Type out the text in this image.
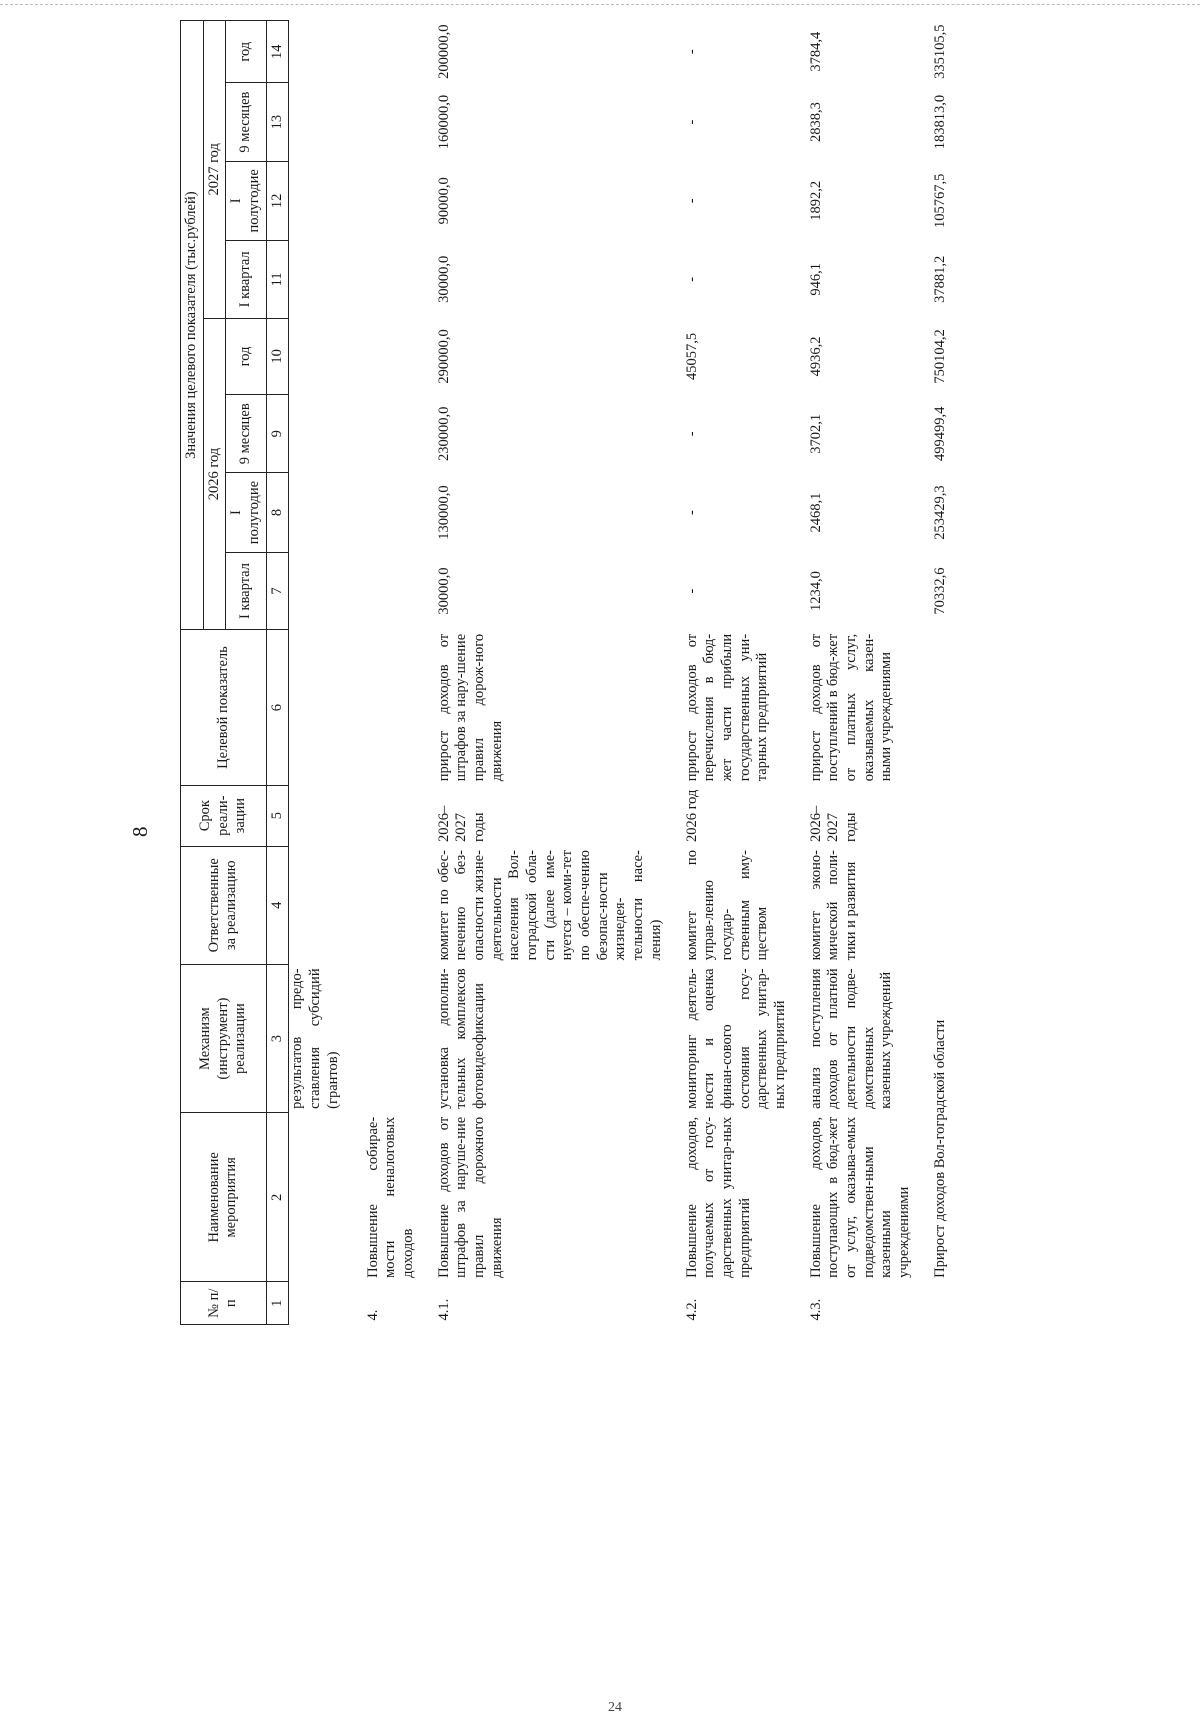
8
24
№ п/п	Наименование мероприятия	Механизм (инструмент) реализации	Ответственные за реализацию	Срок реали-зации	Целевой показатель	Значения целевого показателя (тыс.рублей)							
						2026 год				2027 год			
						I квартал	I полугодие	9 месяцев	год	I квартал	I полугодие	9 месяцев	год
1	2	3	4	5	6	7	8	9	10	11	12	13	14
		результатов предо-ставления субсидий (грантов)											
4.	Повышение собирае-мости неналоговых доходов												
4.1.	Повышение доходов от штрафов за наруше-ние правил дорожного движения	установка дополни-тельных комплексов фотовидеофиксации	комитет по обес-печению без-опасности жизне-деятельности населения Вол-гоградской обла-сти (далее име-нуется – коми-тет по обеспе-чению безопас-ности жизнедея-тельности насе-ления)	2026–2027 годы	прирост доходов от штрафов за нару-шение правил дорож-ного движения	30000,0	130000,0	230000,0	290000,0	30000,0	90000,0	160000,0	200000,0
4.2.	Повышение доходов, получаемых от госу-дарственных унитар-ных предприятий	мониторинг деятель-ности и оценка финан-сового состояния госу-дарственных унитар-ных предприятий	комитет по управ-лению государ-ственным иму-ществом	2026 год	прирост доходов от перечисления в бюд-жет части прибыли государственных уни-тарных предприятий	-	-	-	45057,5	-	-	-	-
4.3.	Повышение доходов, поступающих в бюд-жет от услуг, оказыва-емых подведомствен-ными казенными учреждениями	анализ поступления доходов от платной деятельности подве-домственных казенных учреждений	комитет эконо-мической поли-тики и развития	2026–2027 годы	прирост доходов от поступлений в бюд-жет от платных услуг, оказываемых казен-ными учреждениями	1234,0	2468,1	3702,1	4936,2	946,1	1892,2	2838,3	3784,4
	Прирост доходов Вол-гоградской области					70332,6	253429,3	499499,4	750104,2	37881,2	105767,5	183813,0	335105,5
